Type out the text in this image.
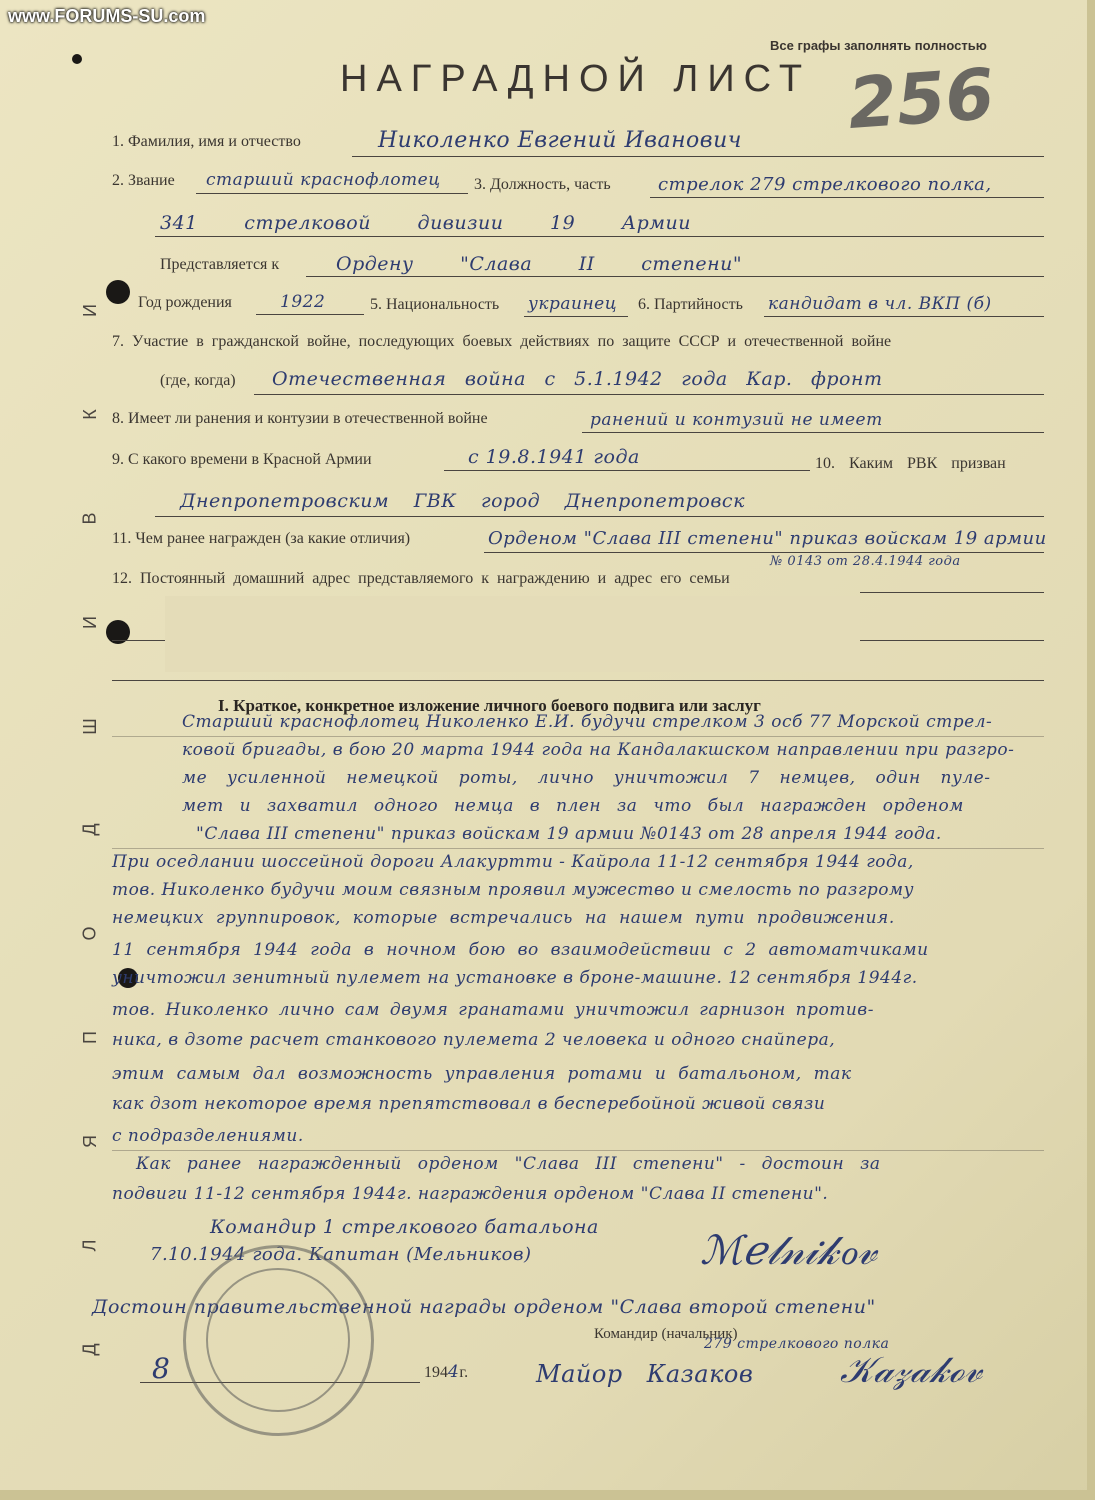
www.FORUMS-SU.com
Все графы заполнять полностью
НАГРАДНОЙ ЛИСТ 256
Д
Л
Я
П
О
Д
Ш
И
В
К
И
1. Фамилия, имя и отчество	Николенко Евгений Иванович
2. Звание старший краснофлотец 3. Должность, часть	стрелок 279 стрелкового полка,
341 стрелковой дивизии 19 Армии
Представляется к	Ордену "Слава II степени"
Год рождения	1922	5. Национальность украинец 6. Партийность кандидат в чл. ВКП (б)
7. Участие в гражданской войне, последующих боевых действиях по защите СССР и отечественной войне
(где, когда) Отечественная война с 5.1.1942 года Кар. фронт
8. Имеет ли ранения и контузии в отечественной войне	ранений и контузий не имеет
9. С какого времени в Красной Армии	с 19.8.1941 года	10. Каким РВК призван
Днепропетровским ГВК город Днепропетровск
11. Чем ранее награжден (за какие отличия)	Орденом "Слава III степени" приказ войскам 19 армии
№ 0143 от 28.4.1944 года
12. Постоянный домашний адрес представляемого к награждению и адрес его семьи
I. Краткое, конкретное изложение личного боевого подвига или заслуг
Старший краснофлотец Николенко Е.И. будучи стрелком 3 осб 77 Морской стрел-
ковой бригады, в бою 20 марта 1944 года на Кандалакшском направлении при разгро-
ме усиленной немецкой роты, лично уничтожил 7 немцев, один пуле-
мет и захватил одного немца в плен за что был награжден орденом
"Слава III степени" приказ войскам 19 армии №0143 от 28 апреля 1944 года.
При оседлании шоссейной дороги Алакуртти - Кайрола 11-12 сентября 1944 года,
тов. Николенко будучи моим связным проявил мужество и смелость по разгрому
немецких группировок, которые встречались на нашем пути продвижения.
11 сентября 1944 года в ночном бою во взаимодействии с 2 автоматчиками
уничтожил зенитный пулемет на установке в броне-машине. 12 сентября 1944г.
тов. Николенко лично сам двумя гранатами уничтожил гарнизон против-
ника, в дзоте расчет станкового пулемета 2 человека и одного снайпера,
этим самым дал возможность управления ротами и батальоном, так
как дзот некоторое время препятствовал в бесперебойной живой связи
с подразделениями.
Как ранее награжденный орденом "Слава III степени" - достоин за
подвиги 11-12 сентября 1944г. награждения орденом "Слава II степени".
Командир 1 стрелкового батальона
7.10.1944 года. Капитан (Мельников)	ℳℯ𝓁𝓃𝒾𝓀ℴ𝓋
Достоин правительственной награды орденом "Слава второй степени"
Командир (начальник)
279 стрелкового полка
8	1944г.	Майор Казаков 𝒦𝒶𝓏𝒶𝓀ℴ𝓋
